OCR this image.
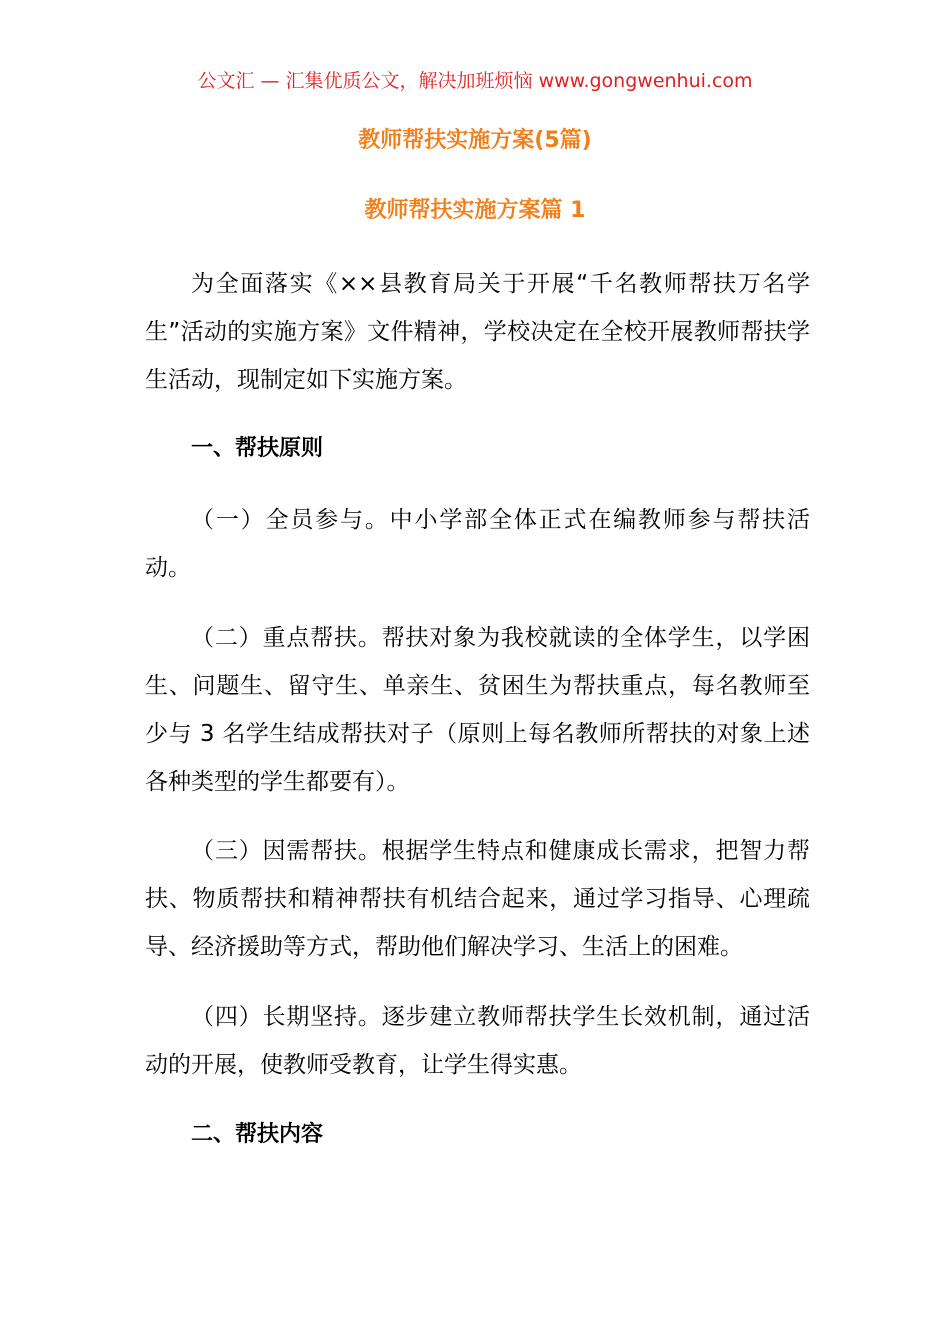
公文汇 — 汇集优质公文，解决加班烦恼 www.gongwenhui.com
教师帮扶实施方案(5篇)
教师帮扶实施方案篇 1

为全面落实《××县教育局关于开展“千名教师帮扶万名学生”活动的实施方案》文件精神，学校决定在全校开展教师帮扶学生活动，现制定如下实施方案。

一、帮扶原则

（一）全员参与。中小学部全体正式在编教师参与帮扶活动。

（二）重点帮扶。帮扶对象为我校就读的全体学生，以学困生、问题生、留守生、单亲生、贫困生为帮扶重点，每名教师至少与 3 名学生结成帮扶对子（原则上每名教师所帮扶的对象上述各种类型的学生都要有）。

（三）因需帮扶。根据学生特点和健康成长需求，把智力帮扶、物质帮扶和精神帮扶有机结合起来，通过学习指导、心理疏导、经济援助等方式，帮助他们解决学习、生活上的困难。

（四）长期坚持。逐步建立教师帮扶学生长效机制，通过活动的开展，使教师受教育，让学生得实惠。

二、帮扶内容
